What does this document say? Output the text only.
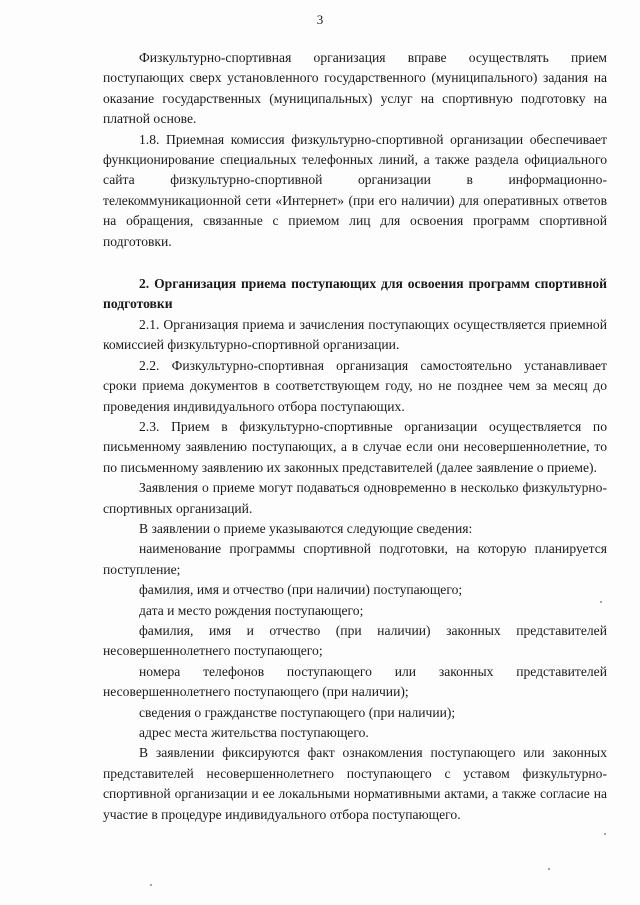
3

Физкультурно-спортивная организация вправе осуществлять прием поступающих сверх установленного государственного (муниципального) задания на оказание государственных (муниципальных) услуг на спортивную подготовку на платной основе.

1.8. Приемная комиссия физкультурно-спортивной организации обеспечивает функционирование специальных телефонных линий, а также раздела официального сайта физкультурно-спортивной организации в информационно-телекоммуникационной сети «Интернет» (при его наличии) для оперативных ответов на обращения, связанные с приемом лиц для освоения программ спортивной подготовки.

2. Организация приема поступающих для освоения программ спортивной подготовки

2.1. Организация приема и зачисления поступающих осуществляется приемной комиссией физкультурно-спортивной организации.

2.2. Физкультурно-спортивная организация самостоятельно устанавливает сроки приема документов в соответствующем году, но не позднее чем за месяц до проведения индивидуального отбора поступающих.

2.3. Прием в физкультурно-спортивные организации осуществляется по письменному заявлению поступающих, а в случае если они несовершеннолетние, то по письменному заявлению их законных представителей (далее заявление о приеме).

Заявления о приеме могут подаваться одновременно в несколько физкультурно-спортивных организаций.

В заявлении о приеме указываются следующие сведения:

наименование программы спортивной подготовки, на которую планируется поступление;

фамилия, имя и отчество (при наличии) поступающего;

дата и место рождения поступающего;

фамилия, имя и отчество (при наличии) законных представителей несовершеннолетнего поступающего;

номера телефонов поступающего или законных представителей несовершеннолетнего поступающего (при наличии);

сведения о гражданстве поступающего (при наличии);

адрес места жительства поступающего.

В заявлении фиксируются факт ознакомления поступающего или законных представителей несовершеннолетнего поступающего с уставом физкультурно-спортивной организации и ее локальными нормативными актами, а также согласие на участие в процедуре индивидуального отбора поступающего.
